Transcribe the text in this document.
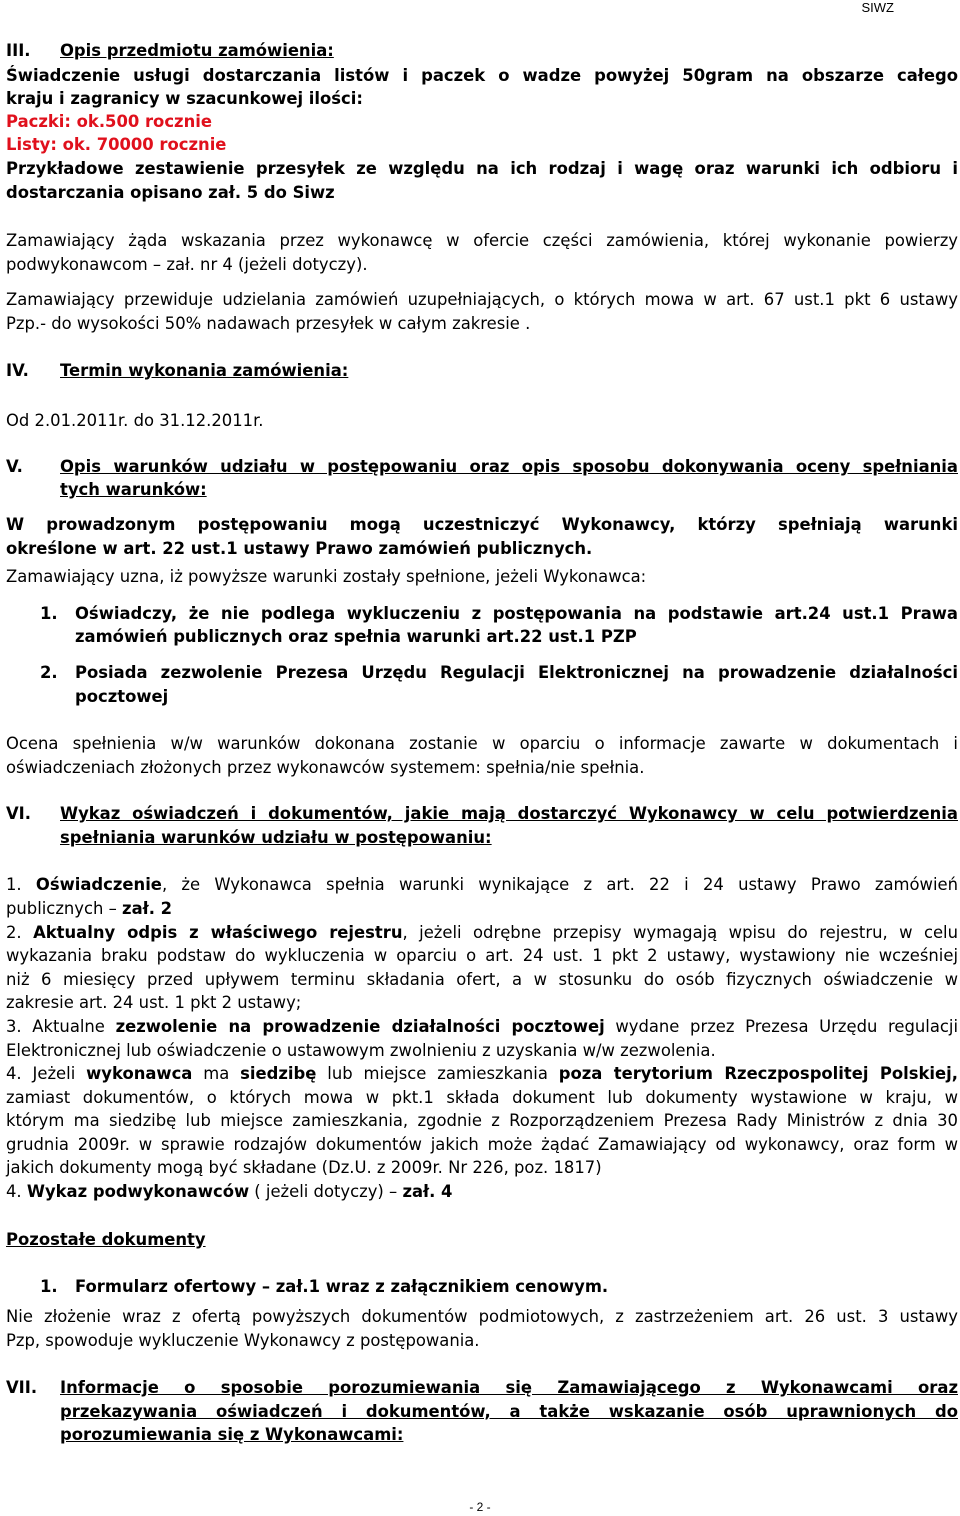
SIWZ
III. Opis przedmiotu zamówienia:
Świadczenie usługi dostarczania listów i paczek o wadze powyżej 50gram na obszarze całego
kraju i zagranicy w szacunkowej ilości:
Paczki: ok.500 rocznie
Listy: ok. 70000 rocznie
Przykładowe zestawienie przesyłek ze względu na ich rodzaj i wagę oraz warunki ich odbioru i
dostarczania opisano zał. 5 do Siwz
Zamawiający żąda wskazania przez wykonawcę w ofercie części zamówienia, której wykonanie powierzy
podwykonawcom – zał. nr 4 (jeżeli dotyczy).
Zamawiający przewiduje udzielania zamówień uzupełniających, o których mowa w art. 67 ust.1 pkt 6 ustawy
Pzp.- do wysokości 50% nadawach przesyłek w całym zakresie .
IV. Termin wykonania zamówienia:
Od 2.01.2011r. do 31.12.2011r.
V. Opis warunków udziału w postępowaniu oraz opis sposobu dokonywania oceny spełniania
tych warunków:
W prowadzonym postępowaniu mogą uczestniczyć Wykonawcy, którzy spełniają warunki
określone w art. 22 ust.1 ustawy Prawo zamówień publicznych.
Zamawiający uzna, iż powyższe warunki zostały spełnione, jeżeli Wykonawca:
1. Oświadczy, że nie podlega wykluczeniu z postępowania na podstawie art.24 ust.1 Prawa
zamówień publicznych oraz spełnia warunki art.22 ust.1 PZP
2. Posiada zezwolenie Prezesa Urzędu Regulacji Elektronicznej na prowadzenie działalności
pocztowej
Ocena spełnienia w/w warunków dokonana zostanie w oparciu o informacje zawarte w dokumentach i
oświadczeniach złożonych przez wykonawców systemem: spełnia/nie spełnia.
VI. Wykaz oświadczeń i dokumentów, jakie mają dostarczyć Wykonawcy w celu potwierdzenia
spełniania warunków udziału w postępowaniu:
1. Oświadczenie, że Wykonawca spełnia warunki wynikające z art. 22 i 24 ustawy Prawo zamówień
publicznych – zał. 2
2. Aktualny odpis z właściwego rejestru, jeżeli odrębne przepisy wymagają wpisu do rejestru, w celu
wykazania braku podstaw do wykluczenia w oparciu o art. 24 ust. 1 pkt 2 ustawy, wystawiony nie wcześniej
niż 6 miesięcy przed upływem terminu składania ofert, a w stosunku do osób fizycznych oświadczenie w
zakresie art. 24 ust. 1 pkt 2 ustawy;
3. Aktualne zezwolenie na prowadzenie działalności pocztowej wydane przez Prezesa Urzędu regulacji
Elektronicznej lub oświadczenie o ustawowym zwolnieniu z uzyskania w/w zezwolenia.
4. Jeżeli wykonawca ma siedzibę lub miejsce zamieszkania poza terytorium Rzeczpospolitej Polskiej,
zamiast dokumentów, o których mowa w pkt.1 składa dokument lub dokumenty wystawione w kraju, w
którym ma siedzibę lub miejsce zamieszkania, zgodnie z Rozporządzeniem Prezesa Rady Ministrów z dnia 30
grudnia 2009r. w sprawie rodzajów dokumentów jakich może żądać Zamawiający od wykonawcy, oraz form w
jakich dokumenty mogą być składane (Dz.U. z 2009r. Nr 226, poz. 1817)
4. Wykaz podwykonawców ( jeżeli dotyczy) – zał. 4
Pozostałe dokumenty
1. Formularz ofertowy – zał.1 wraz z załącznikiem cenowym.
Nie złożenie wraz z ofertą powyższych dokumentów podmiotowych, z zastrzeżeniem art. 26 ust. 3 ustawy
Pzp, spowoduje wykluczenie Wykonawcy z postępowania.
VII. Informacje o sposobie porozumiewania się Zamawiającego z Wykonawcami oraz
przekazywania oświadczeń i dokumentów, a także wskazanie osób uprawnionych do
porozumiewania się z Wykonawcami:
- 2 -
